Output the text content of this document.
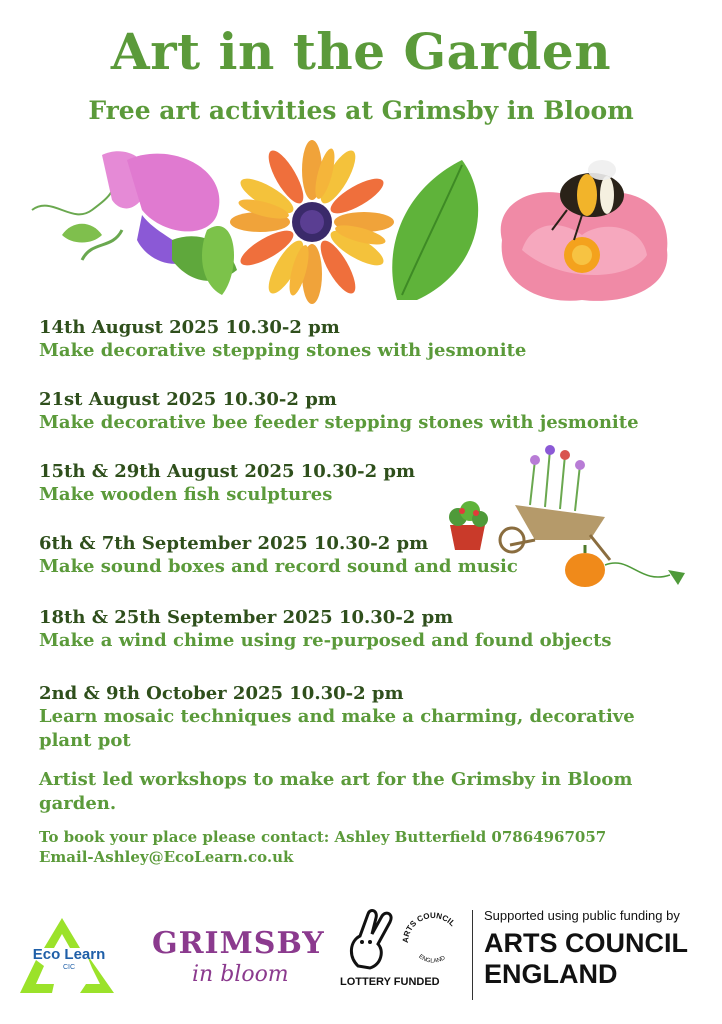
Art in the Garden
Free art activities at Grimsby in Bloom
14th August 2025 10.30-2 pm
Make decorative stepping stones with jesmonite
21st August 2025 10.30-2 pm
Make decorative bee feeder stepping stones with jesmonite
15th & 29th August 2025 10.30-2 pm
Make wooden fish sculptures
6th & 7th September 2025 10.30-2 pm
Make sound boxes and record sound and music
18th & 25th September 2025 10.30-2 pm
Make a wind chime using re-purposed and found objects
2nd & 9th October 2025 10.30-2 pm
Learn mosaic techniques and make a charming, decorative plant pot
Artist led workshops to make art for the Grimsby in Bloom garden.
To book your place please contact: Ashley Butterfield 07864967057
Email-Ashley@EcoLearn.co.uk
Eco Learn
CIC
GRIMSBY
in bloom	LOTTERY FUNDED
ARTS COUNCIL
ENGLAND
Supported using public funding by
ARTS COUNCIL
ENGLAND
